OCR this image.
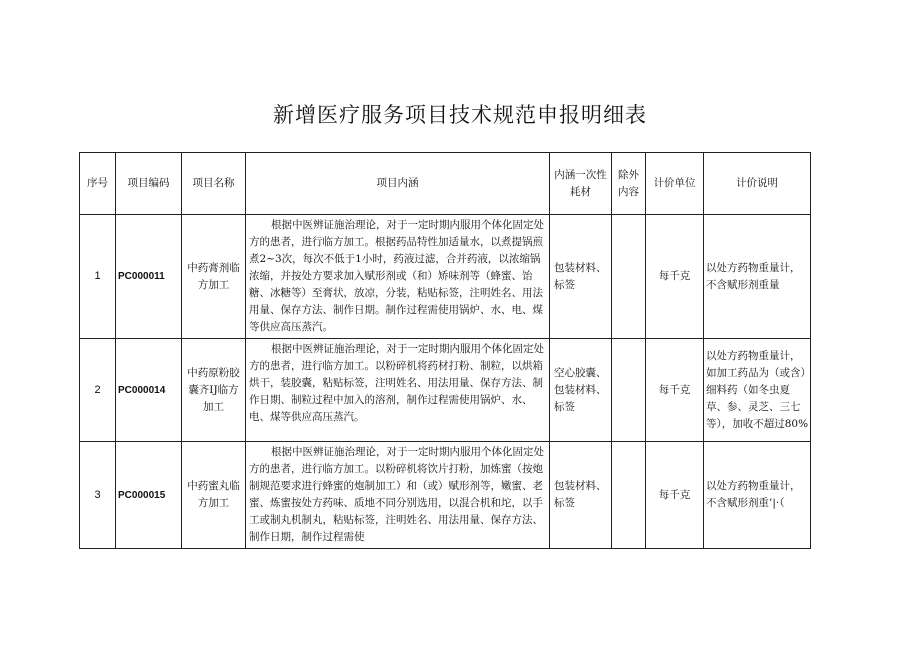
新增医疗服务项目技术规范申报明细表
序号	项目编码	项目名称	项目内涵	内涵一次性耗材	除外内容	计价单位	计价说明
1	PC000011	中药膏剂临方加工	根据中医辨证施治理论，对于一定时期内服用个体化固定处方的患者，进行临方加工。根据药品特性加适量水，以煮提锅煎煮2~3次，每次不低于1小时，药液过滤，合并药液，以浓缩锅浓缩，并按处方要求加入赋形剂或（和）矫味剂等（蜂蜜、饴糖、冰糖等）至膏状，放凉，分装，粘贴标签，注明姓名、用法用量、保存方法、制作日期。制作过程需使用锅炉、水、电、煤等供应高压蒸汽。	包装材料、标签		每千克	以处方药物重量计，不含赋形剂重量
2	PC000014	中药原粉胶囊齐IJ临方加工	根据中医辨证施治理论，对于一定时期内服用个体化固定处方的患者，进行临方加工。以粉碎机将药材打粉、制粒，以烘箱烘干，装胶囊，粘贴标签，注明姓名、用法用量、保存方法、制作日期、制粒过程中加入的溶剂，制作过程需使用锅炉、水、电、煤等供应高压蒸汽。	空心胶囊、包装材料、标签		每千克	以处方药物重量计，如加工药品为（或含）细料药（如冬虫夏草、参、灵芝、三七等），加收不超过80%
3	PC000015	中药蜜丸临方加工	根据中医辨证施治理论，对于一定时期内服用个体化固定处方的患者，进行临方加工。以粉碎机将饮片打粉，加炼蜜（按炮制规范要求进行蜂蜜的炮制加工）和（或）赋形剂等，嫩蜜、老蜜、炼蜜按处方药味、质地不同分别选用，以混合机和坨，以手工或制丸机制丸，粘贴标签，注明姓名、用法用量、保存方法、制作日期，制作过程需使	包装材料、标签		每千克	以处方药物重量计，不含赋形剂重’|·（
